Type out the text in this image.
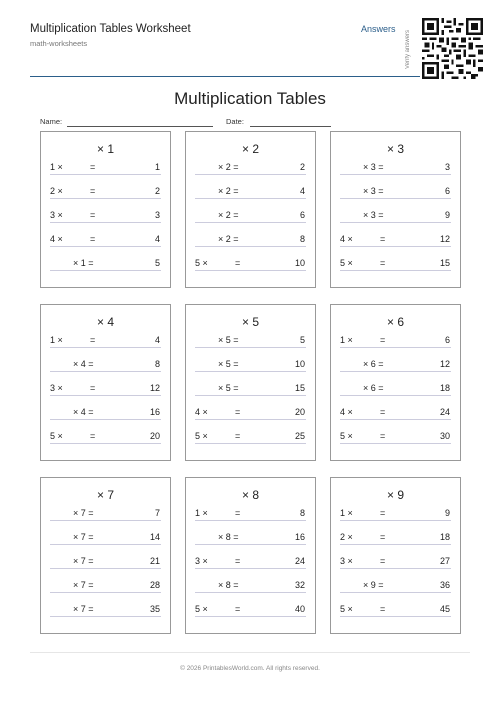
Multiplication Tables Worksheet
math-worksheets
Answers
Verify answers
Multiplication Tables
Name:	Date:
× 1
1 ×	=	1
2 ×	=	2
3 ×	=	3
4 ×	=	4
× 1 =	5
× 2
× 2 =	2
× 2 =	4
× 2 =	6
× 2 =	8
5 ×	=	10
× 3
× 3 =	3
× 3 =	6
× 3 =	9
4 ×	=	12
5 ×	=	15
× 4
1 ×	=	4
× 4 =	8
3 ×	=	12
× 4 =	16
5 ×	=	20
× 5
× 5 =	5
× 5 =	10
× 5 =	15
4 ×	=	20
5 ×	=	25
× 6
1 ×	=	6
× 6 =	12
× 6 =	18
4 ×	=	24
5 ×	=	30
× 7
× 7 =	7
× 7 =	14
× 7 =	21
× 7 =	28
× 7 =	35
× 8
1 ×	=	8
× 8 =	16
3 ×	=	24
× 8 =	32
5 ×	=	40
× 9
1 ×	=	9
2 ×	=	18
3 ×	=	27
× 9 =	36
5 ×	=	45
© 2026 PrintablesWorld.com. All rights reserved.
